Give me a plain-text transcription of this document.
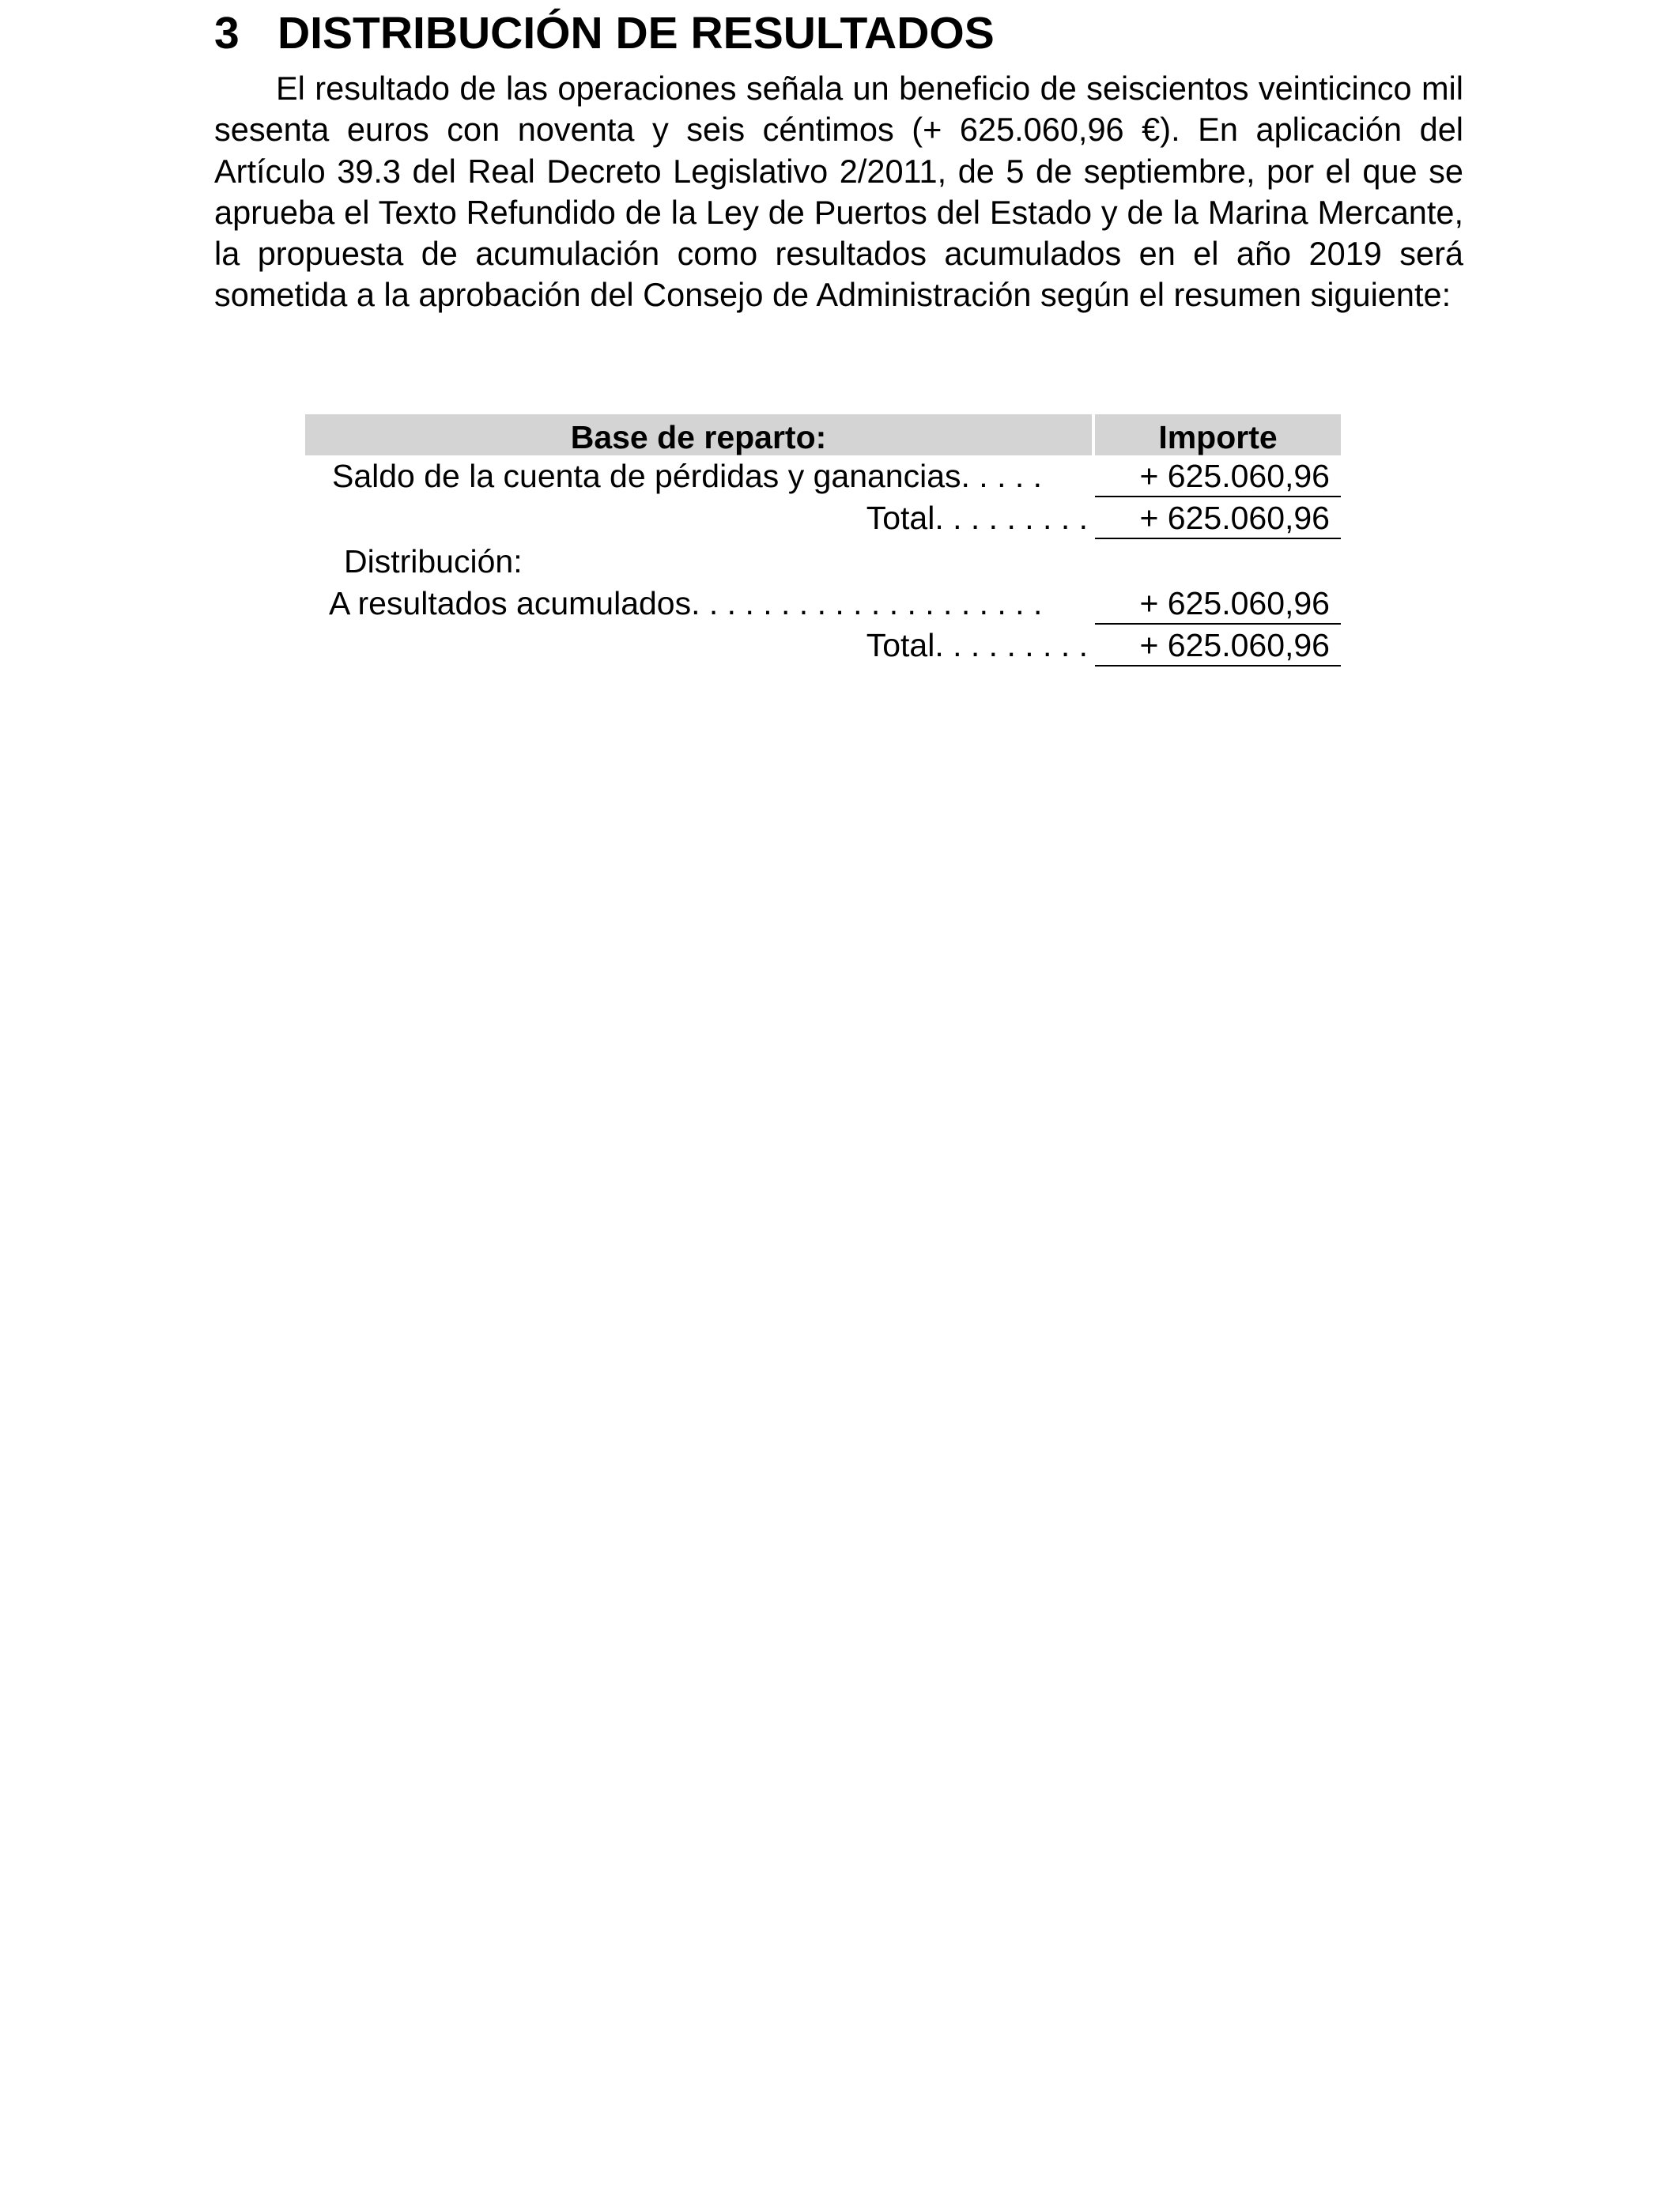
3 DISTRIBUCIÓN DE RESULTADOS

El resultado de las operaciones señala un beneficio de seiscientos veinticinco mil sesenta euros con noventa y seis céntimos (+ 625.060,96 €). En aplicación del Artículo 39.3 del Real Decreto Legislativo 2/2011, de 5 de septiembre, por el que se aprueba el Texto Refundido de la Ley de Puertos del Estado y de la Marina Mercante, la propuesta de acumulación como resultados acumulados en el año 2019 será sometida a la aprobación del Consejo de Administración según el resumen siguiente:

Base de reparto:	Importe
Saldo de la cuenta de pérdidas y ganancias. . . . .	+ 625.060,96
Total. . . . . . . . .	+ 625.060,96
Distribución:
A resultados acumulados. . . . . . . . . . . . . . . . . . . .	+ 625.060,96
Total. . . . . . . . .	+ 625.060,96
